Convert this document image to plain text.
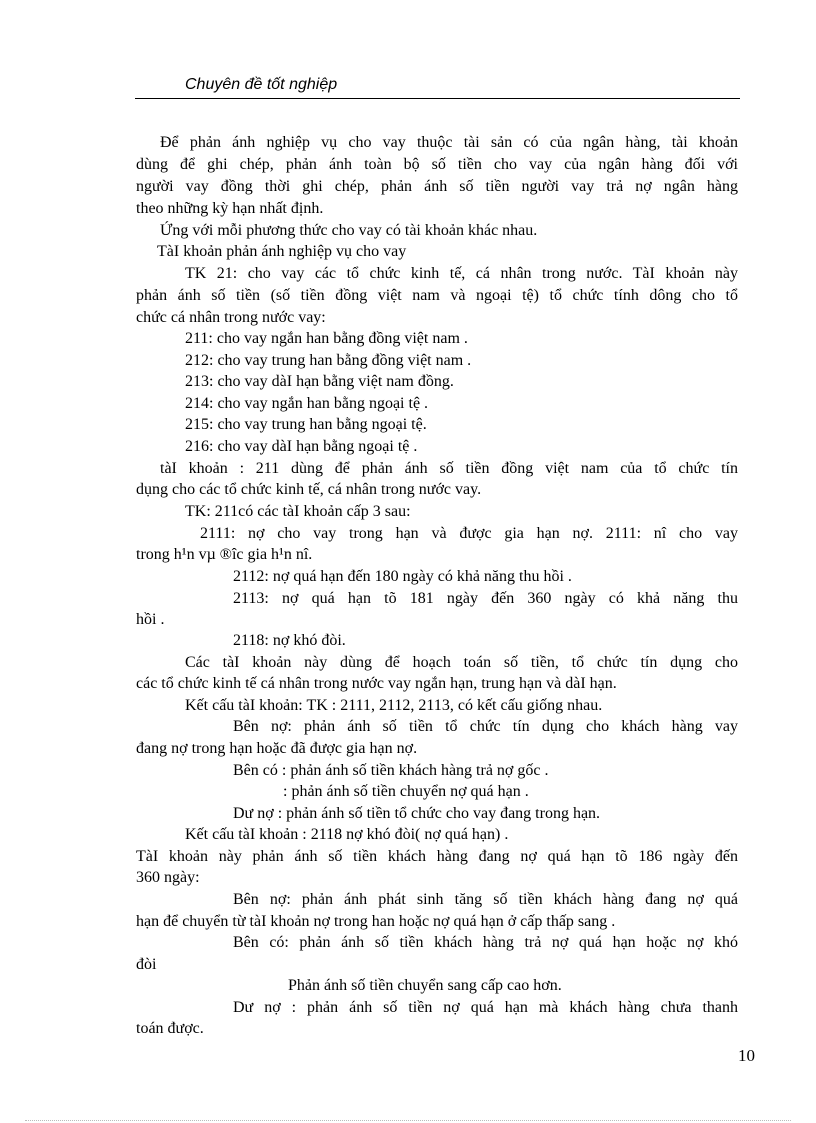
Chuyên đề tốt nghiệp
Để phản ánh nghiệp vụ cho vay thuộc tài sản có của ngân hàng, tài khoản
dùng để ghi chép, phản ánh toàn bộ số tiền cho vay của ngân hàng đối với
người vay đồng thời ghi chép, phản ánh số tiền người vay trả nợ ngân hàng
theo những kỳ hạn nhất định.
Ứng với mỗi phương thức cho vay có tài khoản khác nhau.
TàI khoản phản ánh nghiệp vụ cho vay
TK 21: cho vay các tổ chức kinh tế, cá nhân trong nước. TàI khoản này
phản ánh số tiền (số tiền đồng việt nam và ngoại tệ) tổ chức tính dông cho tổ
chức cá nhân trong nước vay:
211: cho vay ngắn han bằng đồng việt nam .
212: cho vay trung han bằng đồng việt nam .
213: cho vay dàI hạn bằng việt nam đồng.
214: cho vay ngắn han bằng ngoại tệ .
215: cho vay trung han bằng ngoại tệ.
216: cho vay dàI hạn bằng ngoại tệ .
tàI khoản : 211 dùng để phản ánh số tiền đồng việt nam của tổ chức tín
dụng cho các tổ chức kinh tế, cá nhân trong nước vay.
TK: 211có các tàI khoản cấp 3 sau:
2111: nợ cho vay trong hạn và được gia hạn nợ. 2111: nî cho vay
trong h¹n vµ ®îc gia h¹n nî.
2112: nợ quá hạn đến 180 ngày có khả năng thu hồi .
2113: nợ quá hạn tõ 181 ngày đến 360 ngày có khả năng thu
hồi .
2118: nợ khó đòi.
Các tàI khoản này dùng để hoạch toán số tiền, tổ chức tín dụng cho
các tổ chức kinh tế cá nhân trong nước vay ngắn hạn, trung hạn và dàI hạn.
Kết cấu tàI khoản: TK : 2111, 2112, 2113, có kết cấu giống nhau.
Bên nợ: phản ánh số tiền tổ chức tín dụng cho khách hàng vay
đang nợ trong hạn hoặc đã được gia hạn nợ.
Bên có : phản ánh số tiền khách hàng trả nợ gốc .
: phản ánh số tiền chuyển nợ quá hạn .
Dư nợ : phản ánh số tiền tổ chức cho vay đang trong hạn.
Kết cấu tàI khoản : 2118 nợ khó đòi( nợ quá hạn) .
TàI khoản này phản ánh số tiền khách hàng đang nợ quá hạn tõ 186 ngày đến
360 ngày:
Bên nợ: phản ánh phát sinh tăng số tiền khách hàng đang nợ quá
hạn để chuyển từ tàI khoản nợ trong han hoặc nợ quá hạn ở cấp thấp sang .
Bên có: phản ánh số tiền khách hàng trả nợ quá hạn hoặc nợ khó
đòi
Phản ánh số tiền chuyển sang cấp cao hơn.
Dư nợ : phản ánh số tiền nợ quá hạn mà khách hàng chưa thanh
toán được.
10
